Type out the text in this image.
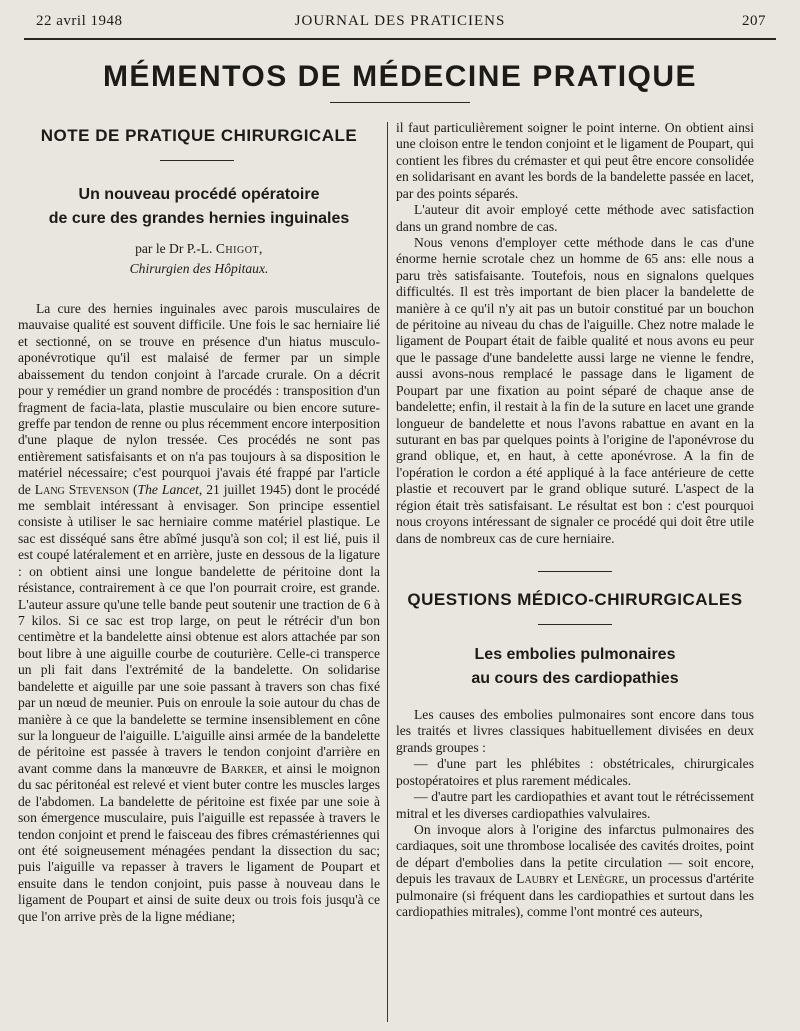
22 avril 1948	JOURNAL DES PRATICIENS	207
MÉMENTOS DE MÉDECINE PRATIQUE
NOTE DE PRATIQUE CHIRURGICALE
Un nouveau procédé opératoire
de cure des grandes hernies inguinales

par le Dr P.-L. Chigot,
Chirurgien des Hôpitaux.

La cure des hernies inguinales avec parois musculaires de mauvaise qualité est souvent difficile. Une fois le sac herniaire lié et sectionné, on se trouve en présence d'un hiatus musculo-aponévrotique qu'il est malaisé de fermer par un simple abaissement du tendon conjoint à l'arcade crurale. On a décrit pour y remédier un grand nombre de procédés : transposition d'un fragment de facia-lata, plastie musculaire ou bien encore suture-greffe par tendon de renne ou plus récemment encore interposition d'une plaque de nylon tressée. Ces procédés ne sont pas entièrement satisfaisants et on n'a pas toujours à sa disposition le matériel nécessaire; c'est pourquoi j'avais été frappé par l'article de Lang Stevenson (The Lancet, 21 juillet 1945) dont le procédé me semblait intéressant à envisager. Son principe essentiel consiste à utiliser le sac herniaire comme matériel plastique. Le sac est disséqué sans être abîmé jusqu'à son col; il est lié, puis il est coupé latéralement et en arrière, juste en dessous de la ligature : on obtient ainsi une longue bandelette de péritoine dont la résistance, contrairement à ce que l'on pourrait croire, est grande. L'auteur assure qu'une telle bande peut soutenir une traction de 6 à 7 kilos. Si ce sac est trop large, on peut le rétrécir d'un bon centimètre et la bandelette ainsi obtenue est alors attachée par son bout libre à une aiguille courbe de couturière. Celle-ci transperce un pli fait dans l'extrémité de la bandelette. On solidarise bandelette et aiguille par une soie passant à travers son chas fixé par un nœud de meunier. Puis on enroule la soie autour du chas de manière à ce que la bandelette se termine insensiblement en cône sur la longueur de l'aiguille. L'aiguille ainsi armée de la bandelette de péritoine est passée à travers le tendon conjoint d'arrière en avant comme dans la manœuvre de Barker, et ainsi le moignon du sac péritonéal est relevé et vient buter contre les muscles larges de l'abdomen. La bandelette de péritoine est fixée par une soie à son émergence musculaire, puis l'aiguille est repassée à travers le tendon conjoint et prend le faisceau des fibres crémastériennes qui ont été soigneusement ménagées pendant la dissection du sac; puis l'aiguille va repasser à travers le ligament de Poupart et ensuite dans le tendon conjoint, puis passe à nouveau dans le ligament de Poupart et ainsi de suite deux ou trois fois jusqu'à ce que l'on arrive près de la ligne médiane;

il faut particulièrement soigner le point interne. On obtient ainsi une cloison entre le tendon conjoint et le ligament de Poupart, qui contient les fibres du crémaster et qui peut être encore consolidée en solidarisant en avant les bords de la bandelette passée en lacet, par des points séparés.

L'auteur dit avoir employé cette méthode avec satisfaction dans un grand nombre de cas.

Nous venons d'employer cette méthode dans le cas d'une énorme hernie scrotale chez un homme de 65 ans: elle nous a paru très satisfaisante. Toutefois, nous en signalons quelques difficultés. Il est très important de bien placer la bandelette de manière à ce qu'il n'y ait pas un butoir constitué par un bouchon de péritoine au niveau du chas de l'aiguille. Chez notre malade le ligament de Poupart était de faible qualité et nous avons eu peur que le passage d'une bandelette aussi large ne vienne le fendre, aussi avons-nous remplacé le passage dans le ligament de Poupart par une fixation au point séparé de chaque anse de bandelette; enfin, il restait à la fin de la suture en lacet une grande longueur de bandelette et nous l'avons rabattue en avant en la suturant en bas par quelques points à l'origine de l'aponévrose du grand oblique, et, en haut, à cette aponévrose. A la fin de l'opération le cordon a été appliqué à la face antérieure de cette plastie et recouvert par le grand oblique suturé. L'aspect de la région était très satisfaisant. Le résultat est bon : c'est pourquoi nous croyons intéressant de signaler ce procédé qui doit être utile dans de nombreux cas de cure herniaire.

QUESTIONS MÉDICO-CHIRURGICALES
Les embolies pulmonaires
au cours des cardiopathies

Les causes des embolies pulmonaires sont encore dans tous les traités et livres classiques habituellement divisées en deux grands groupes :

— d'une part les phlébites : obstétricales, chirurgicales postopératoires et plus rarement médicales.

— d'autre part les cardiopathies et avant tout le rétrécissement mitral et les diverses cardiopathies valvulaires.

On invoque alors à l'origine des infarctus pulmonaires des cardiaques, soit une thrombose localisée des cavités droites, point de départ d'embolies dans la petite circulation — soit encore, depuis les travaux de Laubry et Lenègre, un processus d'artérite pulmonaire (si fréquent dans les cardiopathies et surtout dans les cardiopathies mitrales), comme l'ont montré ces auteurs,
